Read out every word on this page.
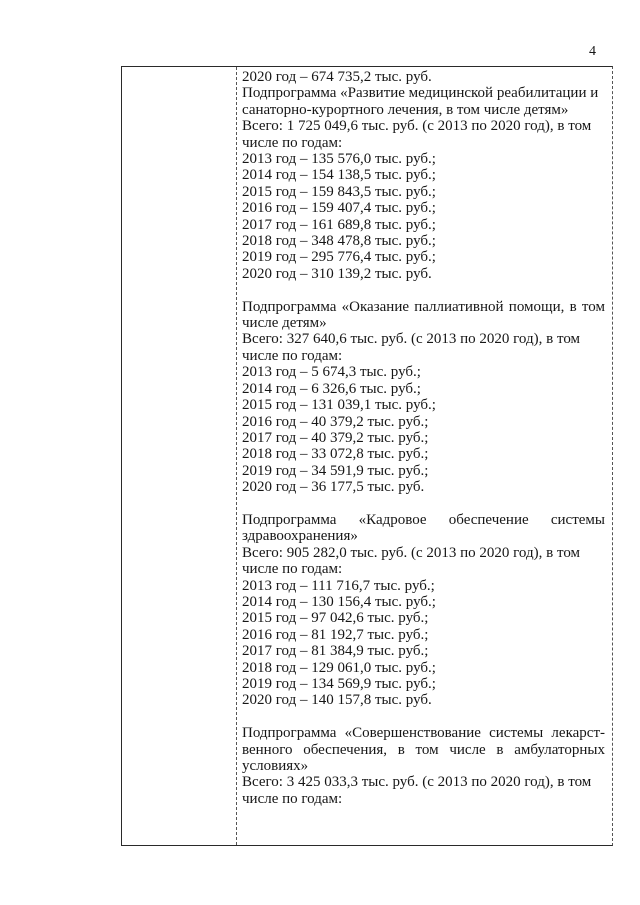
4
2020 год – 674 735,2 тыс. руб.
Подпрограмма «Развитие медицинской реабилитации и
санаторно-курортного лечения, в том числе детям»
Всего: 1 725 049,6 тыс. руб. (с 2013 по 2020 год), в том
числе по годам:
2013 год – 135 576,0 тыс. руб.;
2014 год – 154 138,5 тыс. руб.;
2015 год – 159 843,5 тыс. руб.;
2016 год – 159 407,4 тыс. руб.;
2017 год – 161 689,8 тыс. руб.;
2018 год – 348 478,8 тыс. руб.;
2019 год – 295 776,4 тыс. руб.;
2020 год – 310 139,2 тыс. руб.
Подпрограмма «Оказание паллиативной помощи, в том числе детям»
Всего: 327 640,6 тыс. руб. (с 2013 по 2020 год), в том
числе по годам:
2013 год – 5 674,3 тыс. руб.;
2014 год – 6 326,6 тыс. руб.;
2015 год – 131 039,1 тыс. руб.;
2016 год – 40 379,2 тыс. руб.;
2017 год – 40 379,2 тыс. руб.;
2018 год – 33 072,8 тыс. руб.;
2019 год – 34 591,9 тыс. руб.;
2020 год – 36 177,5 тыс. руб.
Подпрограмма «Кадровое обеспечение системы здравоохранения»
Всего: 905 282,0 тыс. руб. (с 2013 по 2020 год), в том
числе по годам:
2013 год – 111 716,7 тыс. руб.;
2014 год – 130 156,4 тыс. руб.;
2015 год – 97 042,6 тыс. руб.;
2016 год – 81 192,7 тыс. руб.;
2017 год – 81 384,9 тыс. руб.;
2018 год – 129 061,0 тыс. руб.;
2019 год – 134 569,9 тыс. руб.;
2020 год – 140 157,8 тыс. руб.
Подпрограмма «Совершенствование системы лекарст-венного обеспечения, в том числе в амбулаторных условиях»
Всего: 3 425 033,3 тыс. руб. (с 2013 по 2020 год), в том
числе по годам:
